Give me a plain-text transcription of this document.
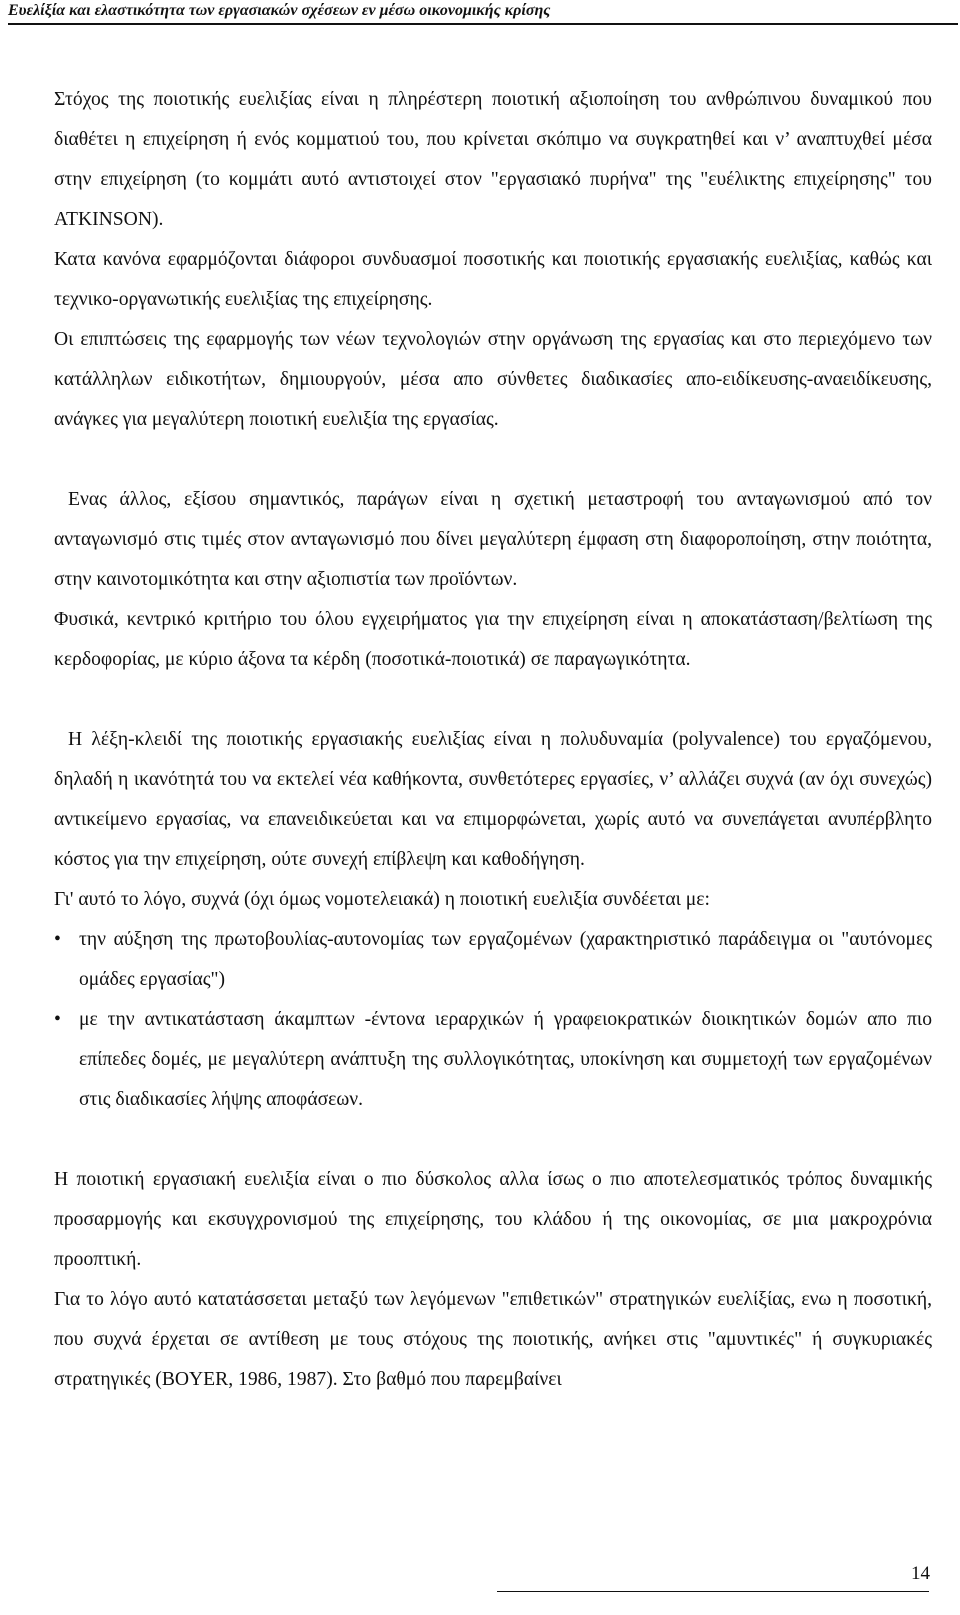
Ευελίξία και ελαστικότητα των εργασιακών σχέσεων εν μέσω οικονομικής κρίσης

Στόχος της ποιοτικής ευελιξίας είναι η πληρέστερη ποιοτική αξιοποίηση του ανθρώπινου δυναμικού που διαθέτει η επιχείρηση ή ενός κομματιού του, που κρίνεται σκόπιμο να συγκρατηθεί και ν’ αναπτυχθεί μέσα στην επιχείρηση (το κομμάτι αυτό αντιστοιχεί στον "εργασιακό πυρήνα" της "ευέλικτης επιχείρησης" του ATKINSON).

Κατα κανόνα εφαρμόζονται διάφοροι συνδυασμοί ποσοτικής και ποιοτικής εργασιακής ευελιξίας, καθώς και τεχνικο-οργανωτικής ευελιξίας της επιχείρησης.

Οι επιπτώσεις της εφαρμογής των νέων τεχνολογιών στην οργάνωση της εργασίας και στο περιεχόμενο των κατάλληλων ειδικοτήτων, δημιουργούν, μέσα απο σύνθετες διαδικασίες απο-ειδίκευσης-αναειδίκευσης, ανάγκες για μεγαλύτερη ποιοτική ευελιξία της εργασίας.

Ενας άλλος, εξίσου σημαντικός, παράγων είναι η σχετική μεταστροφή του ανταγωνισμού από τον ανταγωνισμό στις τιμές στον ανταγωνισμό που δίνει μεγαλύτερη έμφαση στη διαφοροποίηση, στην ποιότητα, στην καινοτομικότητα και στην αξιοπιστία των προϊόντων.

Φυσικά, κεντρικό κριτήριο του όλου εγχειρήματος για την επιχείρηση είναι η αποκατάσταση/βελτίωση της κερδοφορίας, με κύριο άξονα τα κέρδη (ποσοτικά-ποιοτικά) σε παραγωγικότητα.

Η λέξη-κλειδί της ποιοτικής εργασιακής ευελιξίας είναι η πολυδυναμία (polyvalence) του εργαζόμενου, δηλαδή η ικανότητά του να εκτελεί νέα καθήκοντα, συνθετότερες εργασίες, ν’ αλλάζει συχνά (αν όχι συνεχώς) αντικείμενο εργασίας, να επανειδικεύεται και να επιμορφώνεται, χωρίς αυτό να συνεπάγεται ανυπέρβλητο κόστος για την επιχείρηση, ούτε συνεχή επίβλεψη και καθοδήγηση.

Γι' αυτό το λόγο, συχνά (όχι όμως νομοτελειακά) η ποιοτική ευελιξία συνδέεται με:

• την αύξηση της πρωτοβουλίας-αυτονομίας των εργαζομένων (χαρακτηριστικό παράδειγμα οι "αυτόνομες ομάδες εργασίας")

• με την αντικατάσταση άκαμπτων -έντονα ιεραρχικών ή γραφειοκρατικών διοικητικών δομών απο πιο επίπεδες δομές, με μεγαλύτερη ανάπτυξη της συλλογικότητας, υποκίνηση και συμμετοχή των εργαζομένων στις διαδικασίες λήψης αποφάσεων.

Η ποιοτική εργασιακή ευελιξία είναι ο πιο δύσκολος αλλα ίσως ο πιο αποτελεσματικός τρόπος δυναμικής προσαρμογής και εκσυγχρονισμού της επιχείρησης, του κλάδου ή της οικονομίας, σε μια μακροχρόνια προοπτική.

Για το λόγο αυτό κατατάσσεται μεταξύ των λεγόμενων "επιθετικών" στρατηγικών ευελίξίας, ενω η ποσοτική, που συχνά έρχεται σε αντίθεση με τους στόχους της ποιοτικής, ανήκει στις "αμυντικές" ή συγκυριακές στρατηγικές (BOYER, 1986, 1987). Στο βαθμό που παρεμβαίνει

14
